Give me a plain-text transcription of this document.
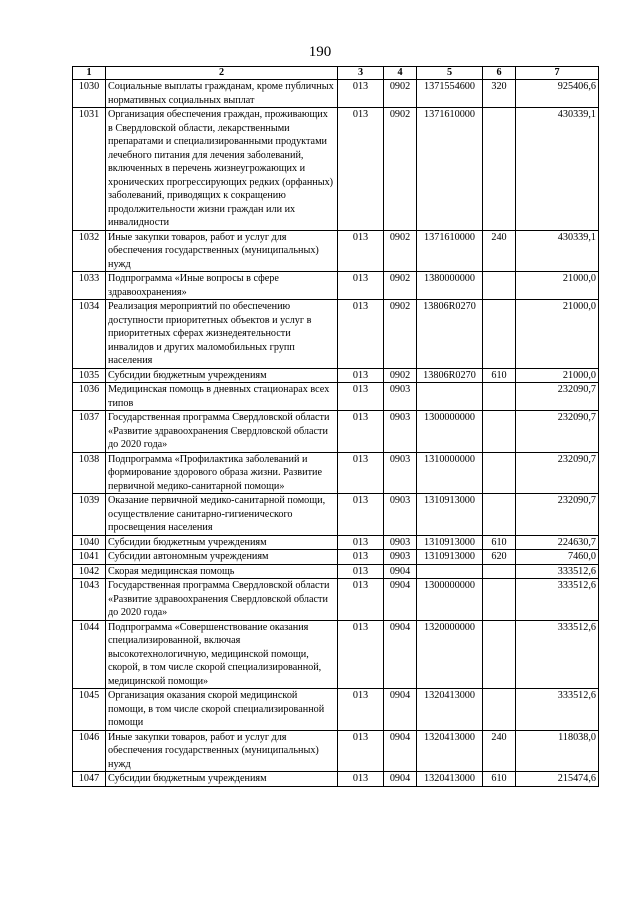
190
1	2	3	4	5	6	7
1030	Социальные выплаты гражданам, кроме публичных нормативных социальных выплат	013	0902	1371554600	320	925406,6
1031	Организация обеспечения граждан, проживающих в Свердловской области, лекарственными препаратами и специализированными продуктами лечебного питания для лечения заболеваний, включенных в перечень жизнеугрожающих и хронических прогрессирующих редких (орфанных) заболеваний, приводящих к сокращению продолжительности жизни граждан или их инвалидности	013	0902	1371610000		430339,1
1032	Иные закупки товаров, работ и услуг для обеспечения государственных (муниципальных) нужд	013	0902	1371610000	240	430339,1
1033	Подпрограмма «Иные вопросы в сфере здравоохранения»	013	0902	1380000000		21000,0
1034	Реализация мероприятий по обеспечению доступности приоритетных объектов и услуг в приоритетных сферах жизнедеятельности инвалидов и других маломобильных групп населения	013	0902	13806R0270		21000,0
1035	Субсидии бюджетным учреждениям	013	0902	13806R0270	610	21000,0
1036	Медицинская помощь в дневных стационарах всех типов	013	0903			232090,7
1037	Государственная программа Свердловской области «Развитие здравоохранения Свердловской области до 2020 года»	013	0903	1300000000		232090,7
1038	Подпрограмма «Профилактика заболеваний и формирование здорового образа жизни. Развитие первичной медико-санитарной помощи»	013	0903	1310000000		232090,7
1039	Оказание первичной медико-санитарной помощи, осуществление санитарно-гигиенического просвещения населения	013	0903	1310913000		232090,7
1040	Субсидии бюджетным учреждениям	013	0903	1310913000	610	224630,7
1041	Субсидии автономным учреждениям	013	0903	1310913000	620	7460,0
1042	Скорая медицинская помощь	013	0904			333512,6
1043	Государственная программа Свердловской области «Развитие здравоохранения Свердловской области до 2020 года»	013	0904	1300000000		333512,6
1044	Подпрограмма «Совершенствование оказания специализированной, включая высокотехнологичную, медицинской помощи, скорой, в том числе скорой специализированной, медицинской помощи»	013	0904	1320000000		333512,6
1045	Организация оказания скорой медицинской помощи, в том числе скорой специализированной помощи	013	0904	1320413000		333512,6
1046	Иные закупки товаров, работ и услуг для обеспечения государственных (муниципальных) нужд	013	0904	1320413000	240	118038,0
1047	Субсидии бюджетным учреждениям	013	0904	1320413000	610	215474,6
